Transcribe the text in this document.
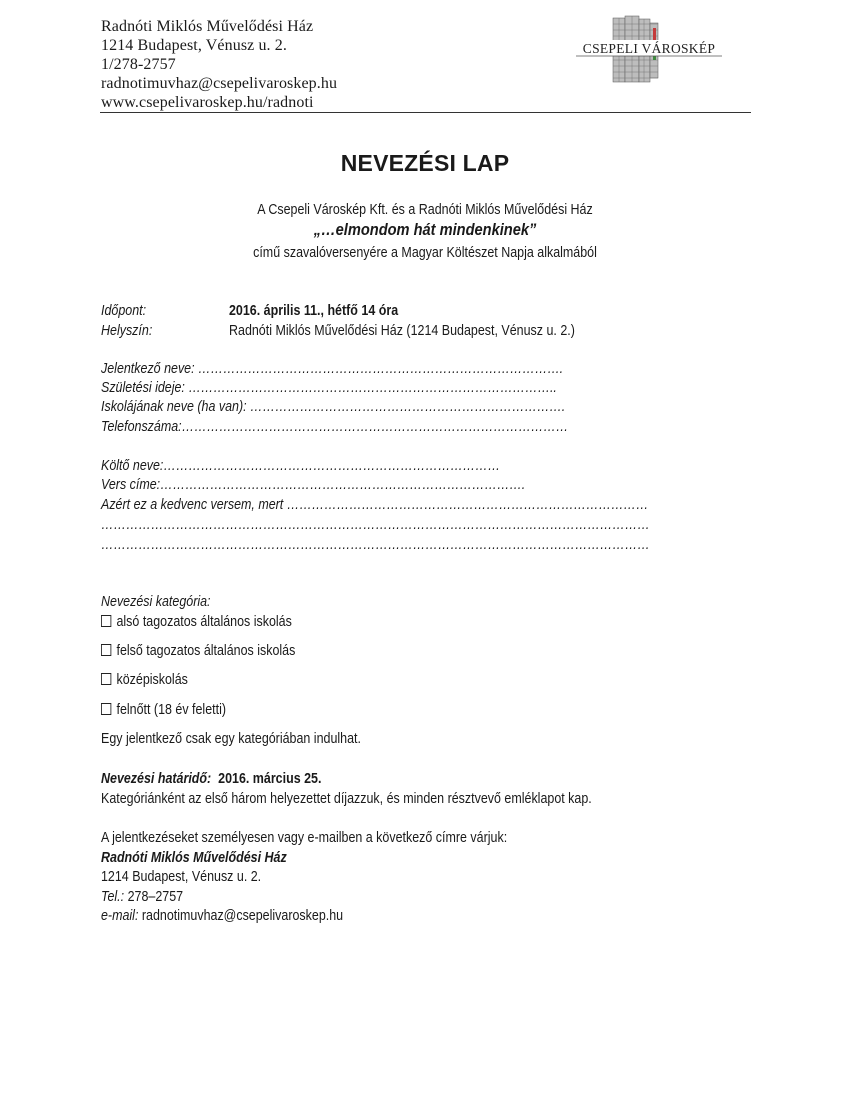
Radnóti Miklós Művelődési Ház
1214 Budapest, Vénusz u. 2.
1/278-2757
radnotimuvhaz@csepelivaroskep.hu
www.csepelivaroskep.hu/radnoti
CSEPELI VÁROSKÉP
NEVEZÉSI LAP
A Csepeli Városkép Kft. és a Radnóti Miklós Művelődési Ház
„…elmondom hát mindenkinek”
című szavalóversenyére a Magyar Költészet Napja alkalmából
Időpont:	2016. április 11., hétfő 14 óra
Helyszín:	Radnóti Miklós Művelődési Ház (1214 Budapest, Vénusz u. 2.)
Jelentkező neve: …………………………………………………………………………….
Születési ideje: ……………………………………………………………………………..
Iskolájának neve (ha van): ………………………………………………………………….
Telefonszáma:…………………………………………………………………………………
Költő neve:………………………………………………………………………
Vers címe:…………………………………………………………………………….
Azért ez a kedvenc versem, mert ……………………………………………………………………………
……………………………………………………………………………………………………………………
……………………………………………………………………………………………………………………
Nevezési kategória:
alsó tagozatos általános iskolás
felső tagozatos általános iskolás
középiskolás
felnőtt (18 év feletti)
Egy jelentkező csak egy kategóriában indulhat.
Nevezési határidő: 2016. március 25.
Kategóriánként az első három helyezettet díjazzuk, és minden résztvevő emléklapot kap.
A jelentkezéseket személyesen vagy e-mailben a következő címre várjuk:
Radnóti Miklós Művelődési Ház
1214 Budapest, Vénusz u. 2.
Tel.: 278–2757
e-mail: radnotimuvhaz@csepelivaroskep.hu
